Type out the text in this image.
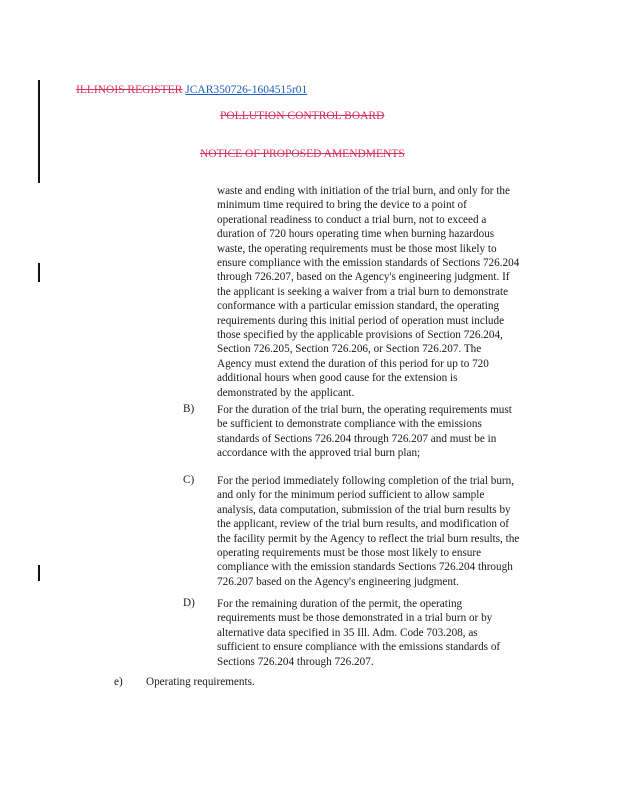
ILLINOIS REGISTER JCAR350726-1604515r01
POLLUTION CONTROL BOARD
NOTICE OF PROPOSED AMENDMENTS
waste and ending with initiation of the trial burn, and only for the
minimum time required to bring the device to a point of
operational readiness to conduct a trial burn, not to exceed a
duration of 720 hours operating time when burning hazardous
waste, the operating requirements must be those most likely to
ensure compliance with the emission standards of Sections 726.204
through 726.207, based on the Agency's engineering judgment. If
the applicant is seeking a waiver from a trial burn to demonstrate
conformance with a particular emission standard, the operating
requirements during this initial period of operation must include
those specified by the applicable provisions of Section 726.204,
Section 726.205, Section 726.206, or Section 726.207. The
Agency must extend the duration of this period for up to 720
additional hours when good cause for the extension is
demonstrated by the applicant.
B) For the duration of the trial burn, the operating requirements must
be sufficient to demonstrate compliance with the emissions
standards of Sections 726.204 through 726.207 and must be in
accordance with the approved trial burn plan;
C) For the period immediately following completion of the trial burn,
and only for the minimum period sufficient to allow sample
analysis, data computation, submission of the trial burn results by
the applicant, review of the trial burn results, and modification of
the facility permit by the Agency to reflect the trial burn results, the
operating requirements must be those most likely to ensure
compliance with the emission standards Sections 726.204 through
726.207 based on the Agency's engineering judgment.
D) For the remaining duration of the permit, the operating
requirements must be those demonstrated in a trial burn or by
alternative data specified in 35 Ill. Adm. Code 703.208, as
sufficient to ensure compliance with the emissions standards of
Sections 726.204 through 726.207.
e) Operating requirements.
